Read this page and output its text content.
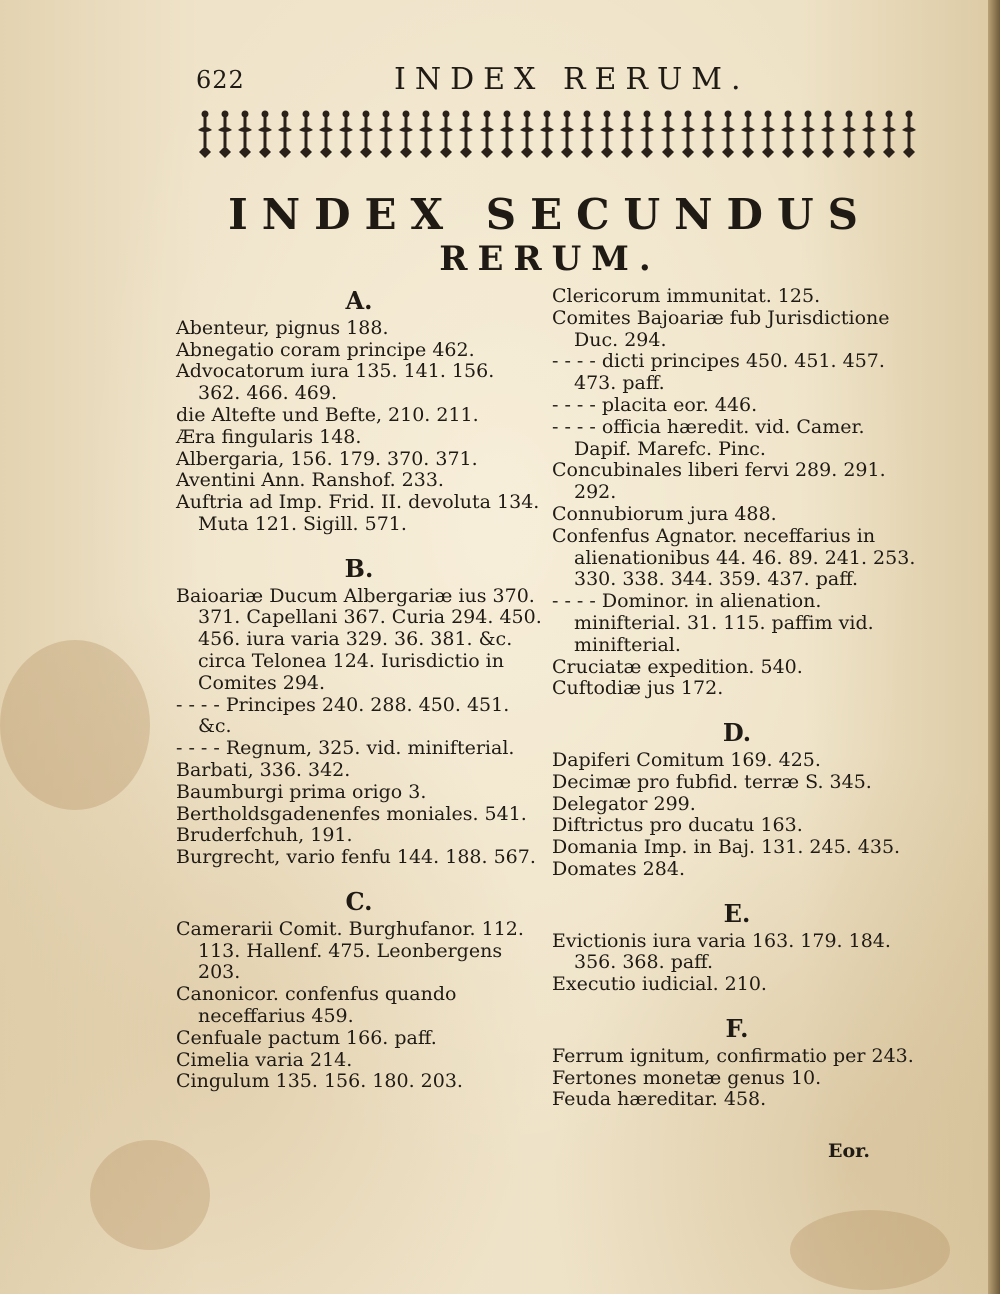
622	INDEX RERUM.
INDEX SECUNDUS
RERUM.
A.

Abenteur, pignus 188.

Abnegatio coram principe 462.

Advocatorum iura 135. 141. 156. 362. 466. 469.

die Altefte und Befte, 210. 211.

Æra fingularis 148.

Albergaria, 156. 179. 370. 371.

Aventini Ann. Ranshof. 233.

Auftria ad Imp. Frid. II. devoluta 134. Muta 121. Sigill. 571.

B.

Baioariæ Ducum Albergariæ ius 370. 371. Capellani 367. Curia 294. 450. 456. iura varia 329. 36. 381. &c. circa Telonea 124. Iurisdictio in Comites 294.

- - - - Principes 240. 288. 450. 451. &c.

- - - - Regnum, 325. vid. minifterial.

Barbati, 336. 342.

Baumburgi prima origo 3.

Bertholdsgadenenfes moniales. 541.

Bruderfchuh, 191.

Burgrecht, vario fenfu 144. 188. 567.

C.

Camerarii Comit. Burghufanor. 112. 113. Hallenf. 475. Leonbergens 203.

Canonicor. confenfus quando neceffarius 459.

Cenfuale pactum 166. paff.

Cimelia varia 214.

Cingulum 135. 156. 180. 203.

Clericorum immunitat. 125.

Comites Bajoariæ fub Jurisdictione Duc. 294.

- - - - dicti principes 450. 451. 457. 473. paff.

- - - - placita eor. 446.

- - - - officia hæredit. vid. Camer. Dapif. Marefc. Pinc.

Concubinales liberi fervi 289. 291. 292.

Connubiorum jura 488.

Confenfus Agnator. neceffarius in alienationibus 44. 46. 89. 241. 253. 330. 338. 344. 359. 437. paff.

- - - - Dominor. in alienation. minifterial. 31. 115. paffim vid. minifterial.

Cruciatæ expedition. 540.

Cuftodiæ jus 172.

D.

Dapiferi Comitum 169. 425.

Decimæ pro fubfid. terræ S. 345.

Delegator 299.

Diftrictus pro ducatu 163.

Domania Imp. in Baj. 131. 245. 435.

Domates 284.

E.

Evictionis iura varia 163. 179. 184. 356. 368. paff.

Executio iudicial. 210.

F.

Ferrum ignitum, confirmatio per 243.

Fertones monetæ genus 10.

Feuda hæreditar. 458.

Eor.
